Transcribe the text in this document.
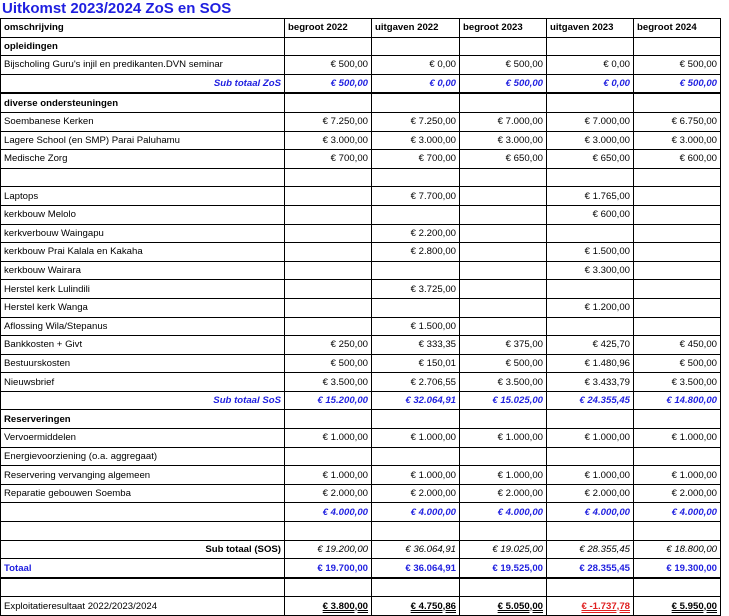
Uitkomst 2023/2024 ZoS en SOS
omschrijving	begroot 2022	uitgaven 2022	begroot 2023	uitgaven 2023	begroot 2024
opleidingen					
Bijscholing Guru's injil en predikanten.DVN seminar	€ 500,00	€ 0,00	€ 500,00	€ 0,00	€ 500,00
Sub totaal ZoS	€ 500,00	€ 0,00	€ 500,00	€ 0,00	€ 500,00
diverse ondersteuningen					
Soembanese Kerken	€ 7.250,00	€ 7.250,00	€ 7.000,00	€ 7.000,00	€ 6.750,00
Lagere School (en SMP) Parai Paluhamu	€ 3.000,00	€ 3.000,00	€ 3.000,00	€ 3.000,00	€ 3.000,00
Medische Zorg	€ 700,00	€ 700,00	€ 650,00	€ 650,00	€ 600,00

Laptops		€ 7.700,00		€ 1.765,00	
kerkbouw Melolo				€ 600,00	
kerkverbouw Waingapu		€ 2.200,00			
kerkbouw Prai Kalala en Kakaha		€ 2.800,00		€ 1.500,00	
kerkbouw Wairara				€ 3.300,00	
Herstel kerk Lulindili		€ 3.725,00			
Herstel kerk Wanga				€ 1.200,00	
Aflossing Wila/Stepanus		€ 1.500,00			
Bankkosten + Givt	€ 250,00	€ 333,35	€ 375,00	€ 425,70	€ 450,00
Bestuurskosten	€ 500,00	€ 150,01	€ 500,00	€ 1.480,96	€ 500,00
Nieuwsbrief	€ 3.500,00	€ 2.706,55	€ 3.500,00	€ 3.433,79	€ 3.500,00
Sub totaal SoS	€ 15.200,00	€ 32.064,91	€ 15.025,00	€ 24.355,45	€ 14.800,00
Reserveringen					
Vervoermiddelen	€ 1.000,00	€ 1.000,00	€ 1.000,00	€ 1.000,00	€ 1.000,00
Energievoorziening (o.a. aggregaat)					
Reservering vervanging algemeen	€ 1.000,00	€ 1.000,00	€ 1.000,00	€ 1.000,00	€ 1.000,00
Reparatie gebouwen Soemba	€ 2.000,00	€ 2.000,00	€ 2.000,00	€ 2.000,00	€ 2.000,00
	€ 4.000,00	€ 4.000,00	€ 4.000,00	€ 4.000,00	€ 4.000,00

Sub totaal (SOS)	€ 19.200,00	€ 36.064,91	€ 19.025,00	€ 28.355,45	€ 18.800,00
Totaal	€ 19.700,00	€ 36.064,91	€ 19.525,00	€ 28.355,45	€ 19.300,00

Exploitatieresultaat 2022/2023/2024	€ 3.800,00	€ 4.750,86	€ 5.050,00	€ -1.737,78	€ 5.950,00
